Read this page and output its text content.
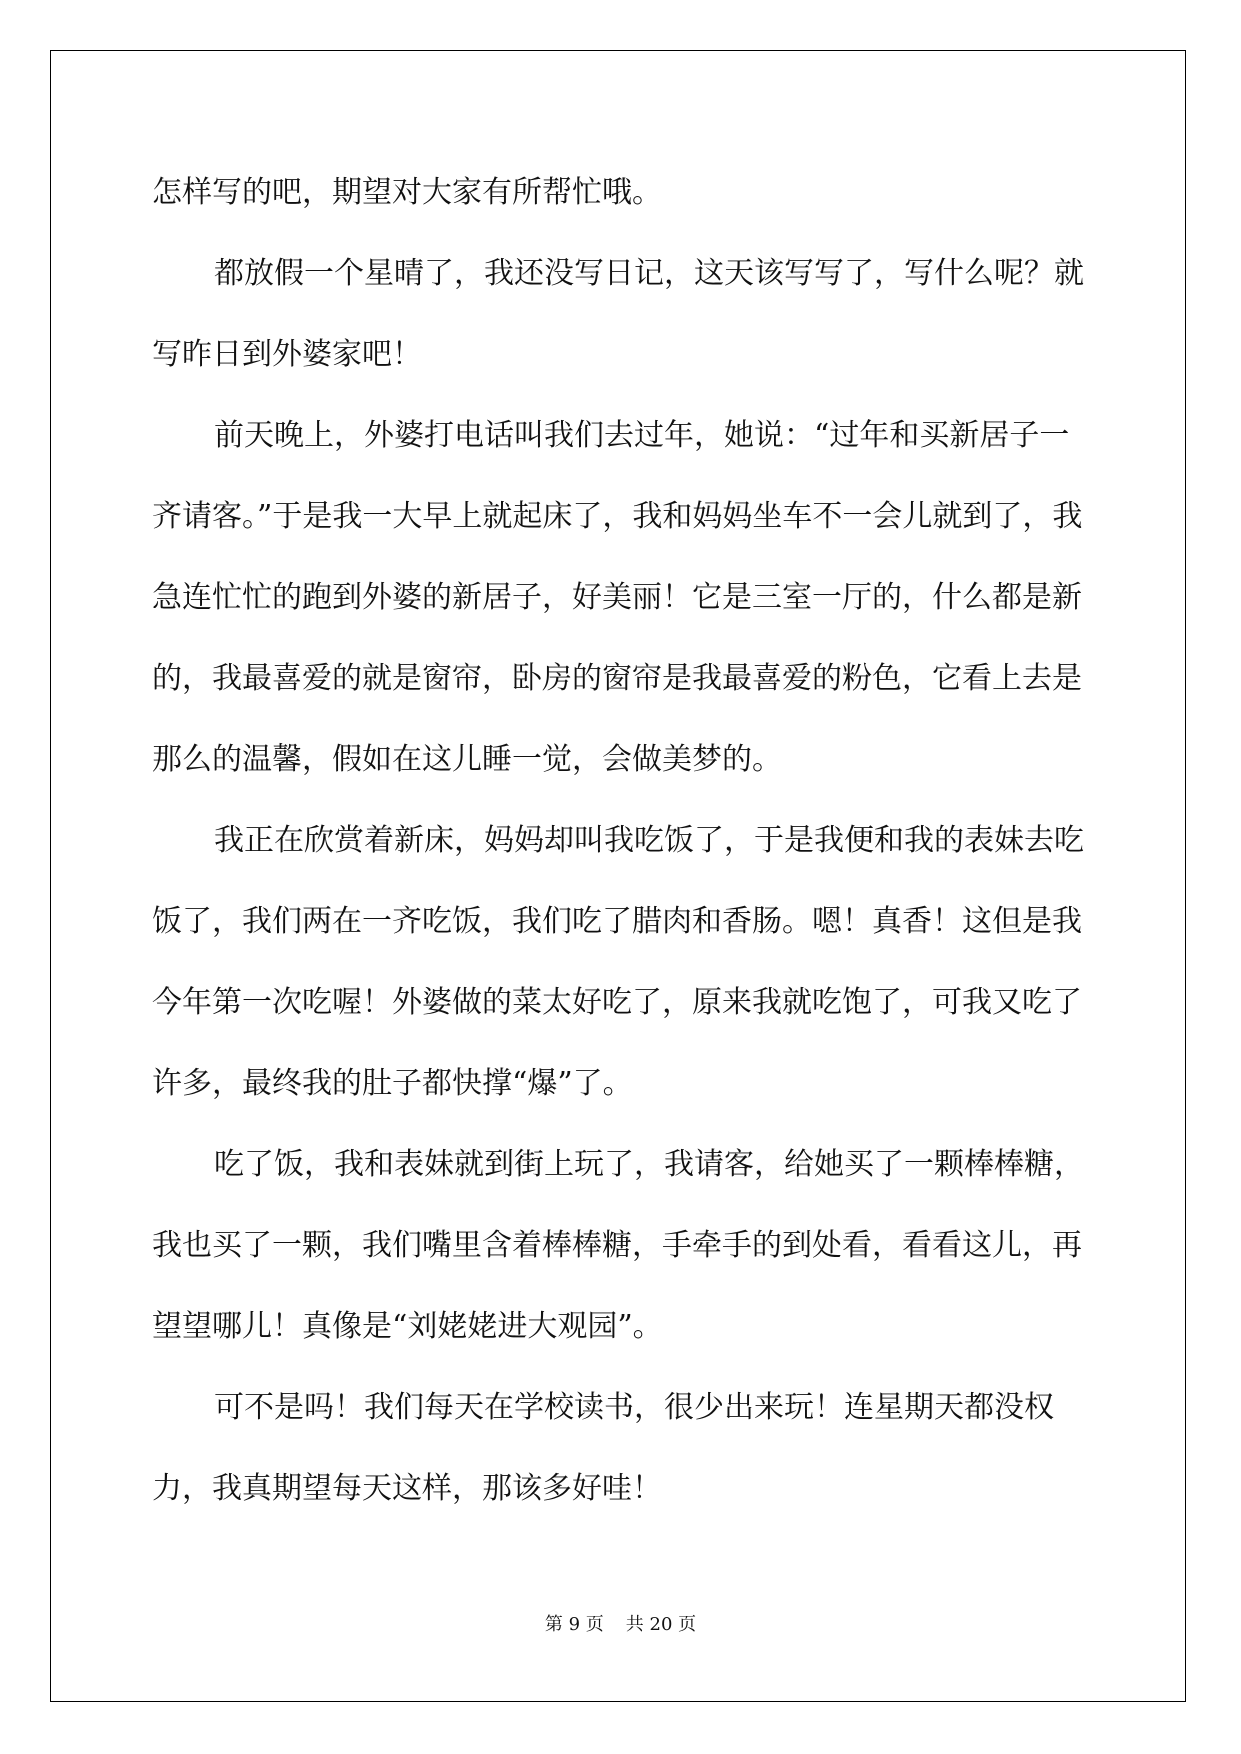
怎样写的吧，期望对大家有所帮忙哦。

都放假一个星晴了，我还没写日记，这天该写写了，写什么呢？就写昨日到外婆家吧！

前天晚上，外婆打电话叫我们去过年，她说：“过年和买新居子一齐请客。”于是我一大早上就起床了，我和妈妈坐车不一会儿就到了，我急连忙忙的跑到外婆的新居子，好美丽！它是三室一厅的，什么都是新的，我最喜爱的就是窗帘，卧房的窗帘是我最喜爱的粉色，它看上去是那么的温馨，假如在这儿睡一觉，会做美梦的。

我正在欣赏着新床，妈妈却叫我吃饭了，于是我便和我的表妹去吃饭了，我们两在一齐吃饭，我们吃了腊肉和香肠。嗯！真香！这但是我今年第一次吃喔！外婆做的菜太好吃了，原来我就吃饱了，可我又吃了许多，最终我的肚子都快撑“爆”了。

吃了饭，我和表妹就到街上玩了，我请客，给她买了一颗棒棒糖，我也买了一颗，我们嘴里含着棒棒糖，手牵手的到处看，看看这儿，再望望哪儿！真像是“刘姥姥进大观园”。

可不是吗！我们每天在学校读书，很少出来玩！连星期天都没权力，我真期望每天这样，那该多好哇！

第 9 页 共 20 页
